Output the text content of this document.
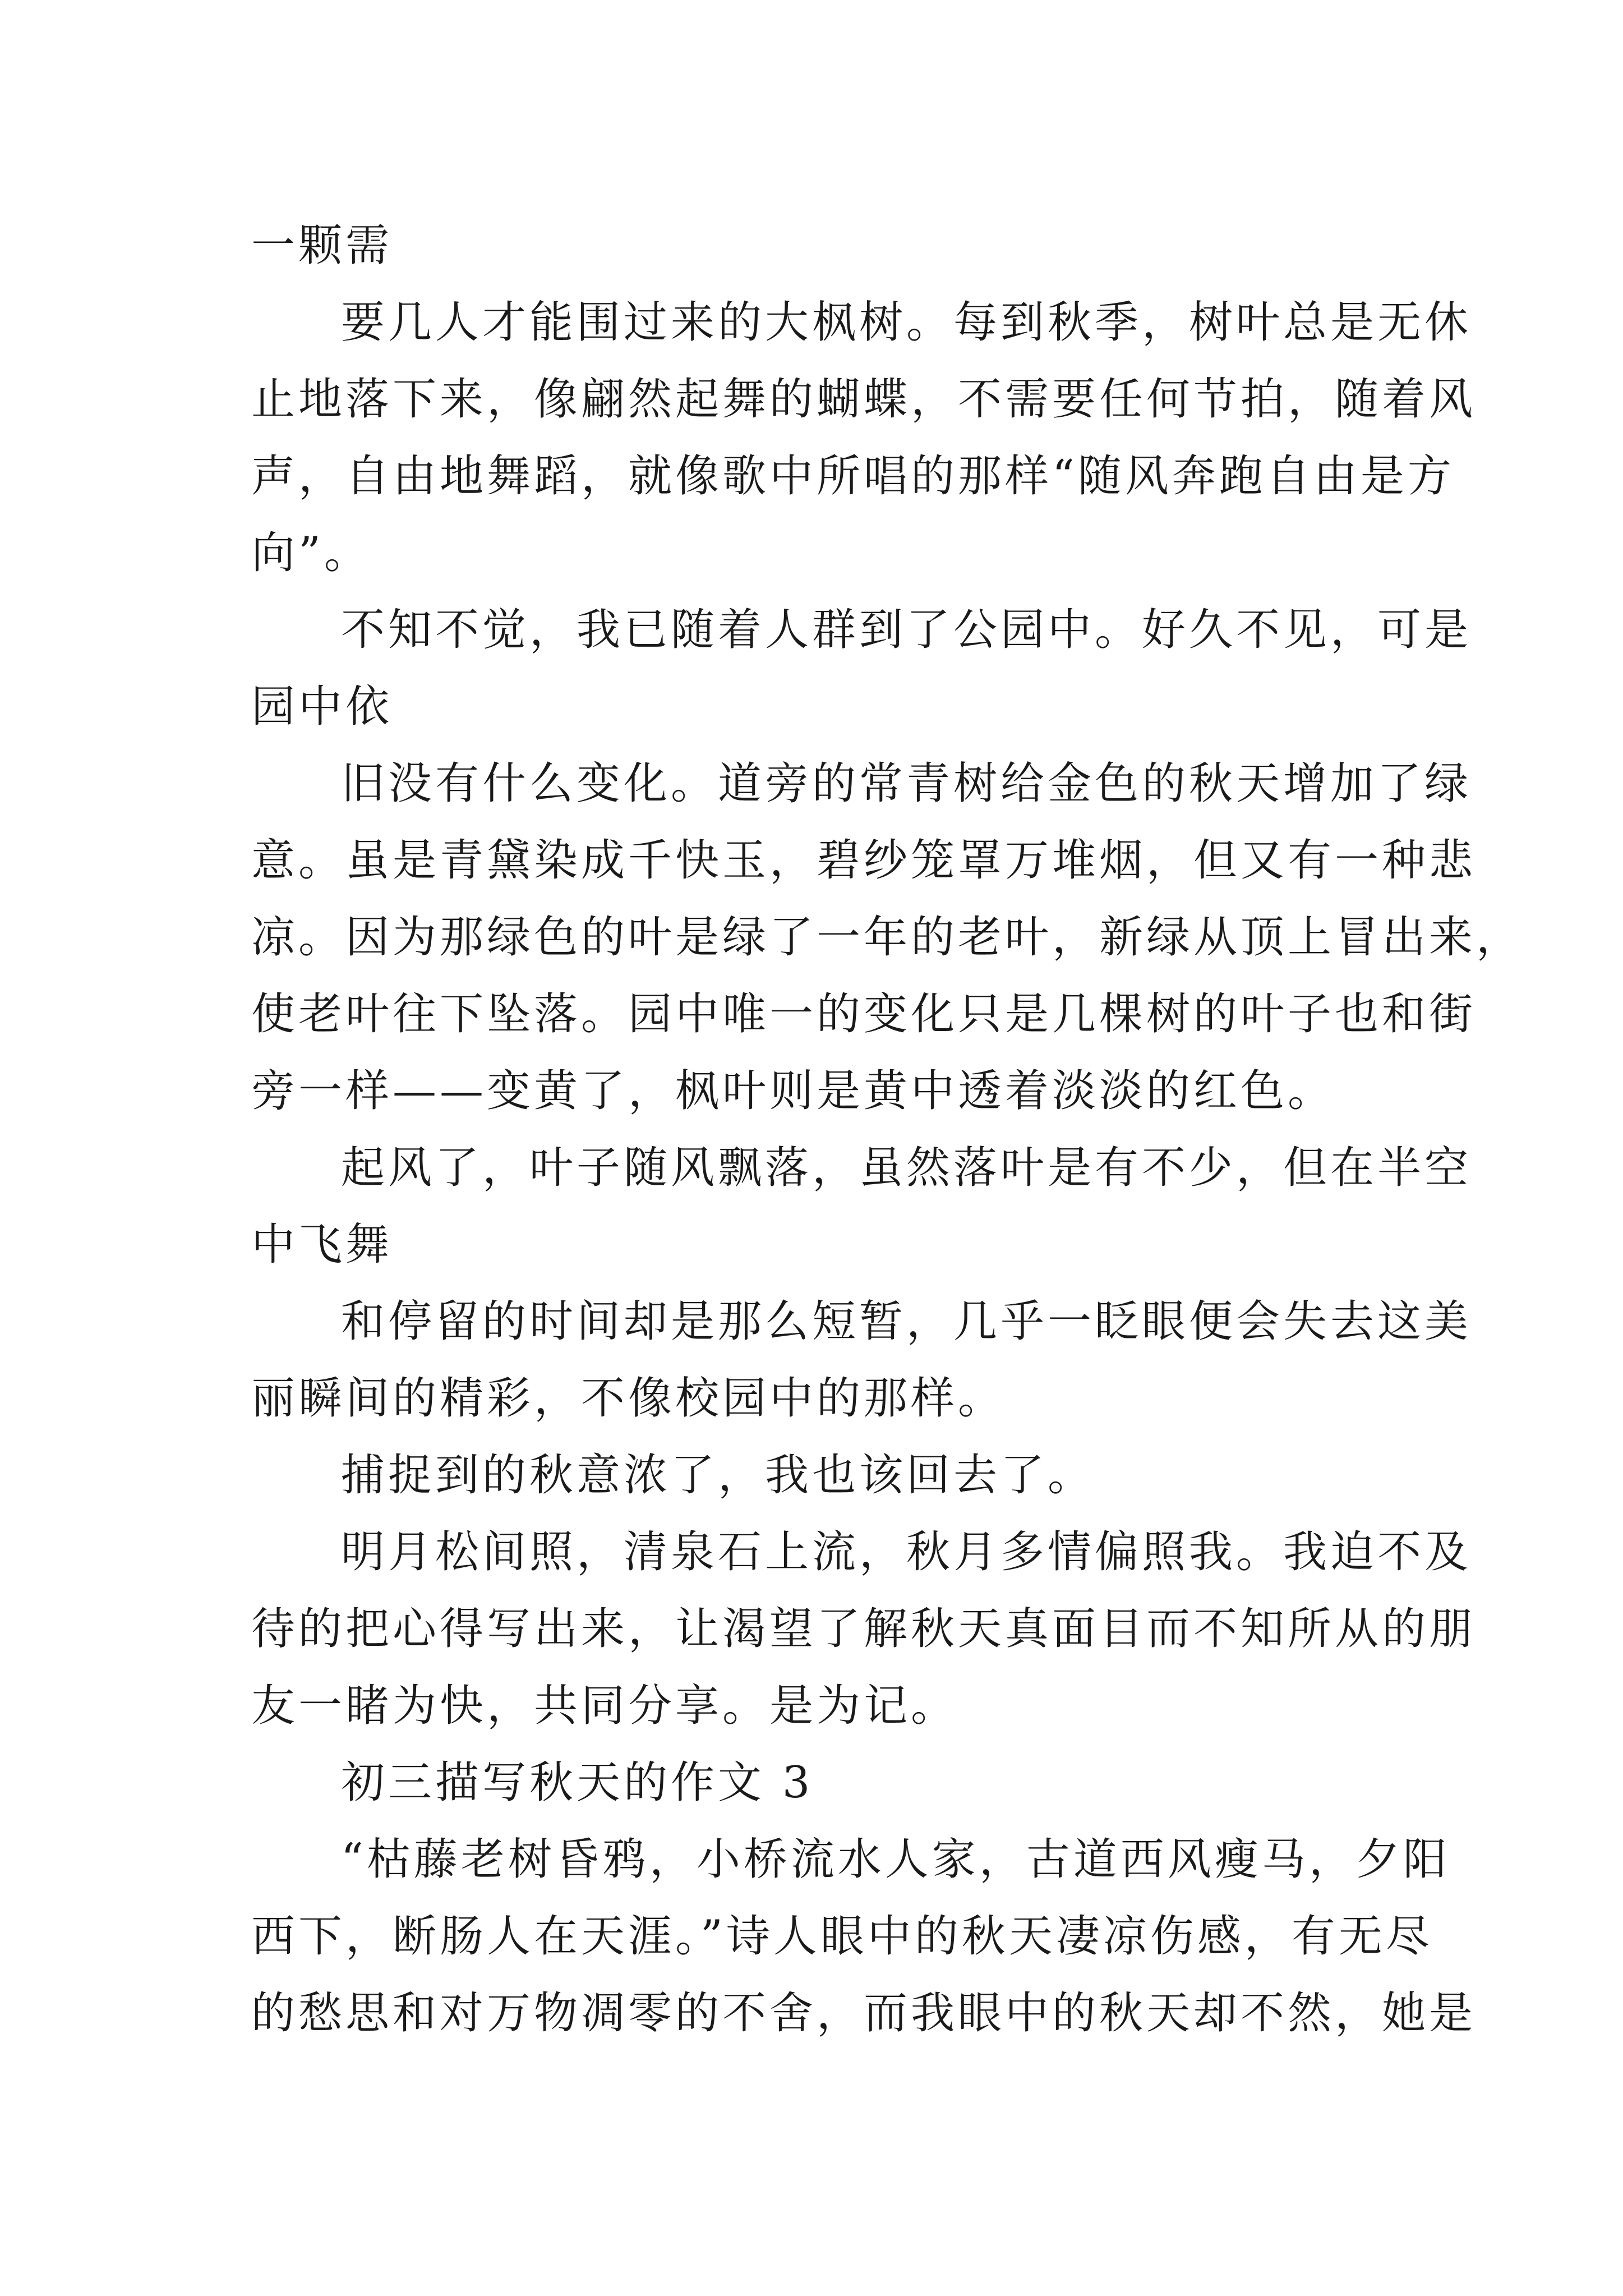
一颗需
要几人才能围过来的大枫树。每到秋季，树叶总是无休
止地落下来，像翩然起舞的蝴蝶，不需要任何节拍，随着风
声，自由地舞蹈，就像歌中所唱的那样“随风奔跑自由是方
向”。
不知不觉，我已随着人群到了公园中。好久不见，可是
园中依
旧没有什么变化。道旁的常青树给金色的秋天增加了绿
意。虽是青黛染成千快玉，碧纱笼罩万堆烟，但又有一种悲
凉。因为那绿色的叶是绿了一年的老叶，新绿从顶上冒出来，
使老叶往下坠落。园中唯一的变化只是几棵树的叶子也和街
旁一样——变黄了，枫叶则是黄中透着淡淡的红色。
起风了，叶子随风飘落，虽然落叶是有不少，但在半空
中飞舞
和停留的时间却是那么短暂，几乎一眨眼便会失去这美
丽瞬间的精彩，不像校园中的那样。
捕捉到的秋意浓了，我也该回去了。
明月松间照，清泉石上流，秋月多情偏照我。我迫不及
待的把心得写出来，让渴望了解秋天真面目而不知所从的朋
友一睹为快，共同分享。是为记。
初三描写秋天的作文 3
“枯藤老树昏鸦，小桥流水人家，古道西风瘦马，夕阳
西下，断肠人在天涯。”诗人眼中的秋天凄凉伤感，有无尽
的愁思和对万物凋零的不舍，而我眼中的秋天却不然，她是
